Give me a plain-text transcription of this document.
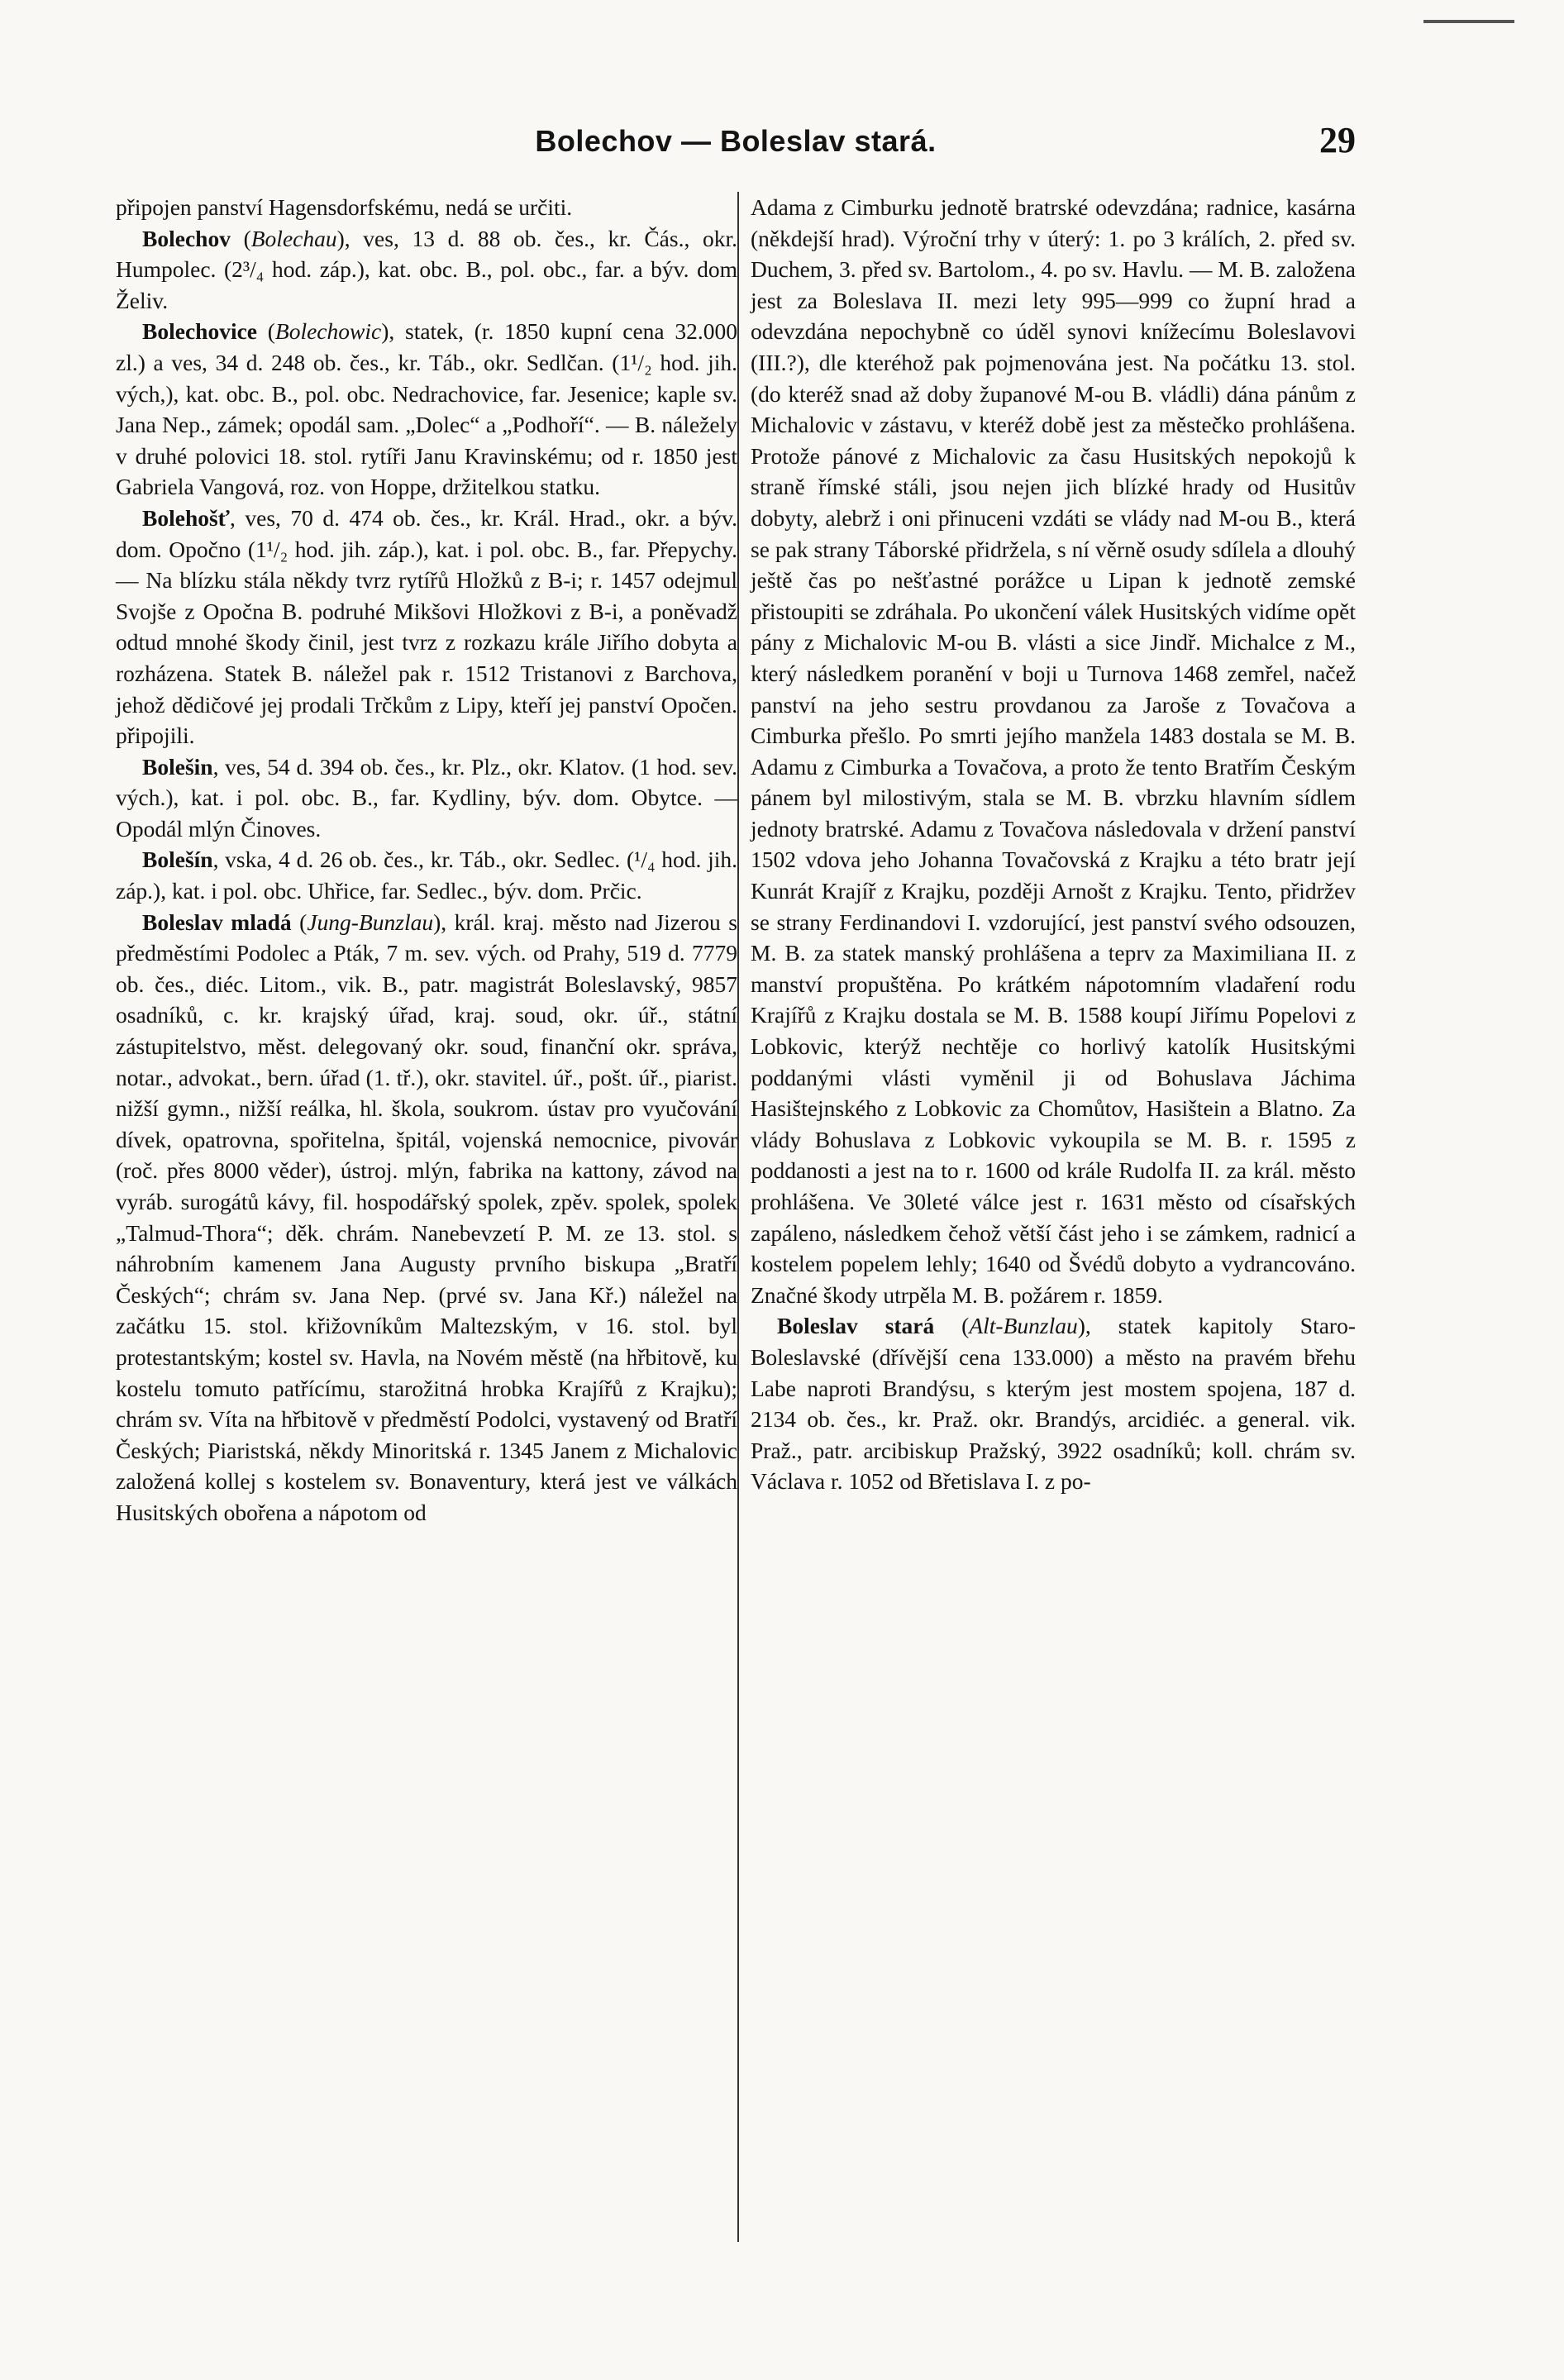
Bolechov — Boleslav stará.	29

připojen panství Hagensdorfskému, nedá se určiti.

Bolechov (Bolechau), ves, 13 d. 88 ob. čes., kr. Čás., okr. Humpolec. (2³/₄ hod. záp.), kat. obc. B., pol. obc., far. a býv. dom Želiv.

Bolechovice (Bolechowic), statek, (r. 1850 kupní cena 32.000 zl.) a ves, 34 d. 248 ob. čes., kr. Táb., okr. Sedlčan. (1¹/₂ hod. jih. vých,), kat. obc. B., pol. obc. Nedrachovice, far. Jesenice; kaple sv. Jana Nep., zámek; opodál sam. „Dolec“ a „Podhoří“. — B. náležely v druhé polovici 18. stol. rytíři Janu Kravinskému; od r. 1850 jest Gabriela Vangová, roz. von Hoppe, držitelkou statku.

Bolehošť, ves, 70 d. 474 ob. čes., kr. Král. Hrad., okr. a býv. dom. Opočno (1¹/₂ hod. jih. záp.), kat. i pol. obc. B., far. Přepychy. — Na blízku stála někdy tvrz rytířů Hložků z B-i; r. 1457 odejmul Svojše z Opočna B. podruhé Mikšovi Hložkovi z B-i, a poněvadž odtud mnohé škody činil, jest tvrz z rozkazu krále Jiřího dobyta a rozházena. Statek B. náležel pak r. 1512 Tristanovi z Barchova, jehož dědičové jej prodali Trčkům z Lipy, kteří jej panství Opočen. připojili.

Bolešin, ves, 54 d. 394 ob. čes., kr. Plz., okr. Klatov. (1 hod. sev. vých.), kat. i pol. obc. B., far. Kydliny, býv. dom. Obytce. — Opodál mlýn Činoves.

Bolešín, vska, 4 d. 26 ob. čes., kr. Táb., okr. Sedlec. (¹/₄ hod. jih. záp.), kat. i pol. obc. Uhřice, far. Sedlec., býv. dom. Prčic.

Boleslav mladá (Jung-Bunzlau), král. kraj. město nad Jizerou s předměstími Podolec a Pták, 7 m. sev. vých. od Prahy, 519 d. 7779 ob. čes., diéc. Litom., vik. B., patr. magistrát Boleslavský, 9857 osadníků, c. kr. krajský úřad, kraj. soud, okr. úř., státní zástupitelstvo, měst. delegovaný okr. soud, finanční okr. správa, notar., advokat., bern. úřad (1. tř.), okr. stavitel. úř., pošt. úř., piarist. nižší gymn., nižší reálka, hl. škola, soukrom. ústav pro vyučování dívek, opatrovna, spořitelna, špitál, vojenská nemocnice, pivovár (roč. přes 8000 věder), ústroj. mlýn, fabrika na kattony, závod na vyráb. surogátů kávy, fil. hospodářský spolek, zpěv. spolek, spolek „Talmud-Thora“; děk. chrám. Nanebevzetí P. M. ze 13. stol. s náhrobním kamenem Jana Augusty prvního biskupa „Bratří Českých“; chrám sv. Jana Nep. (prvé sv. Jana Kř.) náležel na začátku 15. stol. křižovníkům Maltezským, v 16. stol. byl protestantským; kostel sv. Havla, na Novém městě (na hřbitově, ku kostelu tomuto patřícímu, starožitná hrobka Krajířů z Krajku); chrám sv. Víta na hřbitově v předměstí Podolci, vystavený od Bratří Českých; Piaristská, někdy Minoritská r. 1345 Janem z Michalovic založená kollej s kostelem sv. Bonaventury, která jest ve válkách Husitských obořena a nápotom od

Adama z Cimburku jednotě bratrské odevzdána; radnice, kasárna (někdejší hrad). Výroční trhy v úterý: 1. po 3 králích, 2. před sv. Duchem, 3. před sv. Bartolom., 4. po sv. Havlu. — M. B. založena jest za Boleslava II. mezi lety 995—999 co župní hrad a odevzdána nepochybně co úděl synovi knížecímu Boleslavovi (III.?), dle kteréhož pak pojmenována jest. Na počátku 13. stol. (do kteréž snad až doby županové M-ou B. vládli) dána pánům z Michalovic v zástavu, v kteréž době jest za městečko prohlášena. Protože pánové z Michalovic za času Husitských nepokojů k straně římské stáli, jsou nejen jich blízké hrady od Husitův dobyty, alebrž i oni přinuceni vzdáti se vlády nad M-ou B., která se pak strany Táborské přidržela, s ní věrně osudy sdílela a dlouhý ještě čas po nešťastné porážce u Lipan k jednotě zemské přistoupiti se zdráhala. Po ukončení válek Husitských vidíme opět pány z Michalovic M-ou B. vlásti a sice Jindř. Michalce z M., který následkem poranění v boji u Turnova 1468 zemřel, načež panství na jeho sestru provdanou za Jaroše z Tovačova a Cimburka přešlo. Po smrti jejího manžela 1483 dostala se M. B. Adamu z Cimburka a Tovačova, a proto že tento Bratřím Českým pánem byl milostivým, stala se M. B. vbrzku hlavním sídlem jednoty bratrské. Adamu z Tovačova následovala v držení panství 1502 vdova jeho Johanna Tovačovská z Krajku a této bratr její Kunrát Krajíř z Krajku, později Arnošt z Krajku. Tento, přidržev se strany Ferdinandovi I. vzdorující, jest panství svého odsouzen, M. B. za statek manský prohlášena a teprv za Maximiliana II. z manství propuštěna. Po krátkém nápotomním vladaření rodu Krajířů z Krajku dostala se M. B. 1588 koupí Jiřímu Popelovi z Lobkovic, kterýž nechtěje co horlivý katolík Husitskými poddanými vlásti vyměnil ji od Bohuslava Jáchima Hasištejnského z Lobkovic za Chomůtov, Hasištein a Blatno. Za vlády Bohuslava z Lobkovic vykoupila se M. B. r. 1595 z poddanosti a jest na to r. 1600 od krále Rudolfa II. za král. město prohlášena. Ve 30leté válce jest r. 1631 město od císařských zapáleno, následkem čehož větší část jeho i se zámkem, radnicí a kostelem popelem lehly; 1640 od Švédů dobyto a vydrancováno. Značné škody utrpěla M. B. požárem r. 1859.

Boleslav stará (Alt-Bunzlau), statek kapitoly Staro-Boleslavské (dřívější cena 133.000) a město na pravém břehu Labe naproti Brandýsu, s kterým jest mostem spojena, 187 d. 2134 ob. čes., kr. Praž. okr. Brandýs, arcidiéc. a general. vik. Praž., patr. arcibiskup Pražský, 3922 osadníků; koll. chrám sv. Václava r. 1052 od Břetislava I. z po-
